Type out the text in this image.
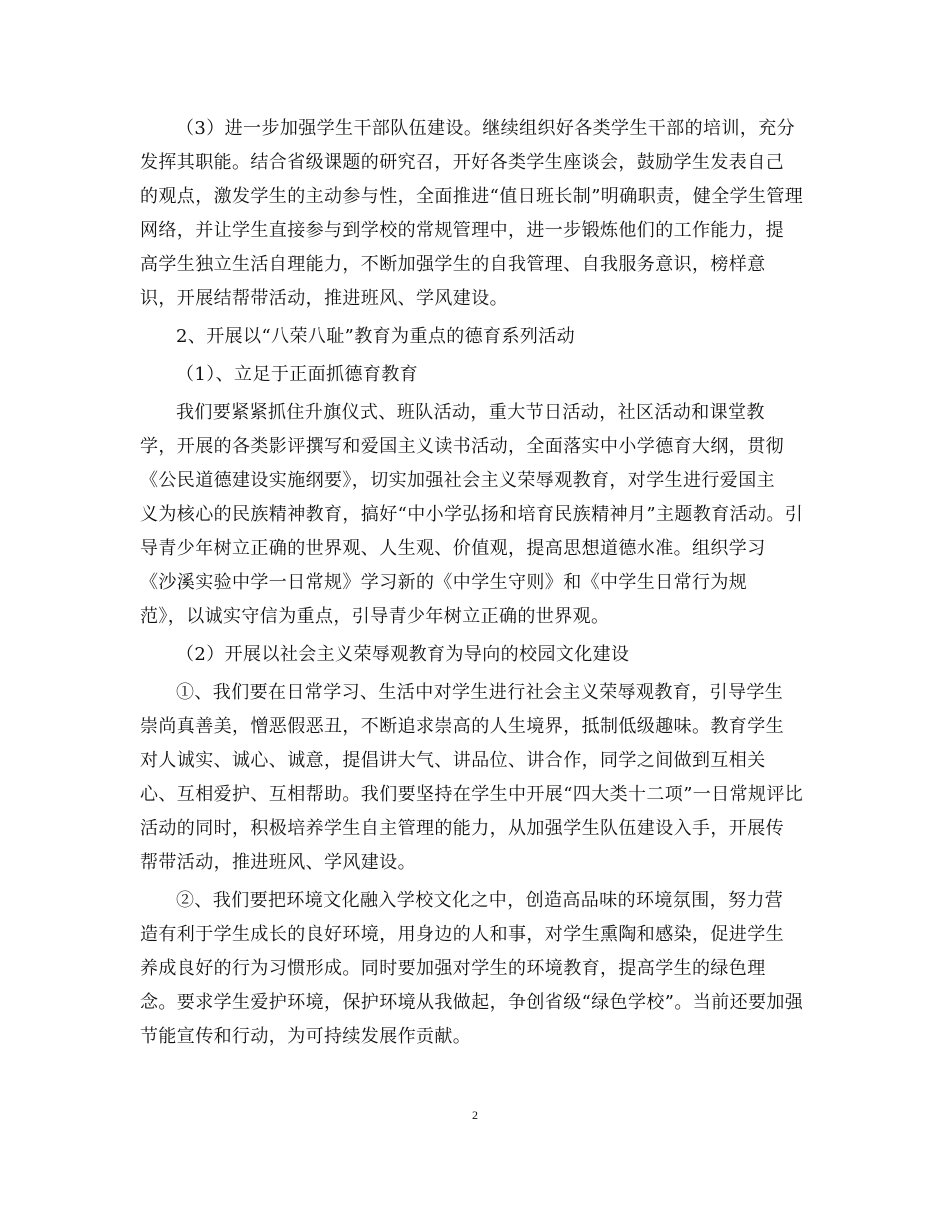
（3）进一步加强学生干部队伍建设。继续组织好各类学生干部的培训，充分
发挥其职能。结合省级课题的研究召，开好各类学生座谈会，鼓励学生发表自己
的观点，激发学生的主动参与性，全面推进“值日班长制”明确职责，健全学生管理
网络，并让学生直接参与到学校的常规管理中，进一步锻炼他们的工作能力，提
高学生独立生活自理能力，不断加强学生的自我管理、自我服务意识，榜样意
识，开展结帮带活动，推进班风、学风建设。
2、开展以“八荣八耻”教育为重点的德育系列活动
（1）、立足于正面抓德育教育
我们要紧紧抓住升旗仪式、班队活动，重大节日活动，社区活动和课堂教
学，开展的各类影评撰写和爱国主义读书活动，全面落实中小学德育大纲，贯彻
《公民道德建设实施纲要》，切实加强社会主义荣辱观教育，对学生进行爱国主
义为核心的民族精神教育，搞好“中小学弘扬和培育民族精神月”主题教育活动。引
导青少年树立正确的世界观、人生观、价值观，提高思想道德水准。组织学习
《沙溪实验中学一日常规》学习新的《中学生守则》和《中学生日常行为规
范》，以诚实守信为重点，引导青少年树立正确的世界观。
（2）开展以社会主义荣辱观教育为导向的校园文化建设
①、我们要在日常学习、生活中对学生进行社会主义荣辱观教育，引导学生
崇尚真善美，憎恶假恶丑，不断追求崇高的人生境界，抵制低级趣味。教育学生
对人诚实、诚心、诚意，提倡讲大气、讲品位、讲合作，同学之间做到互相关
心、互相爱护、互相帮助。我们要坚持在学生中开展“四大类十二项”一日常规评比
活动的同时，积极培养学生自主管理的能力，从加强学生队伍建设入手，开展传
帮带活动，推进班风、学风建设。
②、我们要把环境文化融入学校文化之中，创造高品味的环境氛围，努力营
造有利于学生成长的良好环境，用身边的人和事，对学生熏陶和感染，促进学生
养成良好的行为习惯形成。同时要加强对学生的环境教育，提高学生的绿色理
念。要求学生爱护环境，保护环境从我做起，争创省级“绿色学校”。当前还要加强
节能宣传和行动，为可持续发展作贡献。
2
